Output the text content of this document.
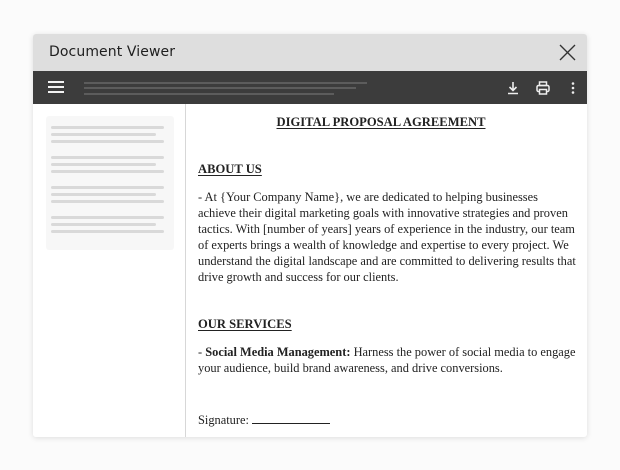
Document Viewer
DIGITAL PROPOSAL AGREEMENT
ABOUT US
- At {Your Company Name}, we are dedicated to helping businesses achieve their digital marketing goals with innovative strategies and proven tactics. With [number of years] years of experience in the industry, our team of experts brings a wealth of knowledge and expertise to every project. We understand the digital landscape and are committed to delivering results that drive growth and success for our clients.
OUR SERVICES
- Social Media Management: Harness the power of social media to engage your audience, build brand awareness, and drive conversions.
Signature:
